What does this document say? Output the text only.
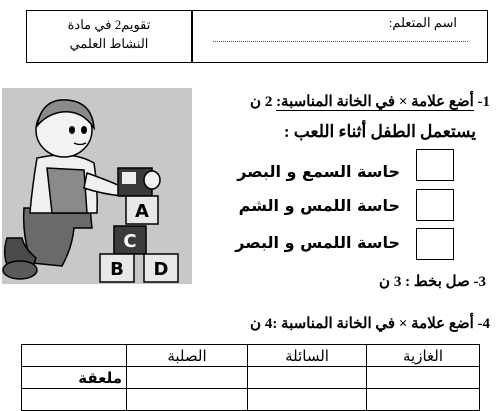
تقويم2 في مادة
النشاط العلمي
اسم المتعلم:
A
C
B D
1- أضع علامة × في الخانة المناسبة: 2 ن
يستعمل الطفل أثناء اللعب :
حاسة السمع و البصر
حاسة اللمس و الشم
حاسة اللمس و البصر
3- صل بخط : 3 ن
4- أضع علامة × في الخانة المناسبة :4 ن
	الصلبة	السائلة	الغازية
ملعقة			
